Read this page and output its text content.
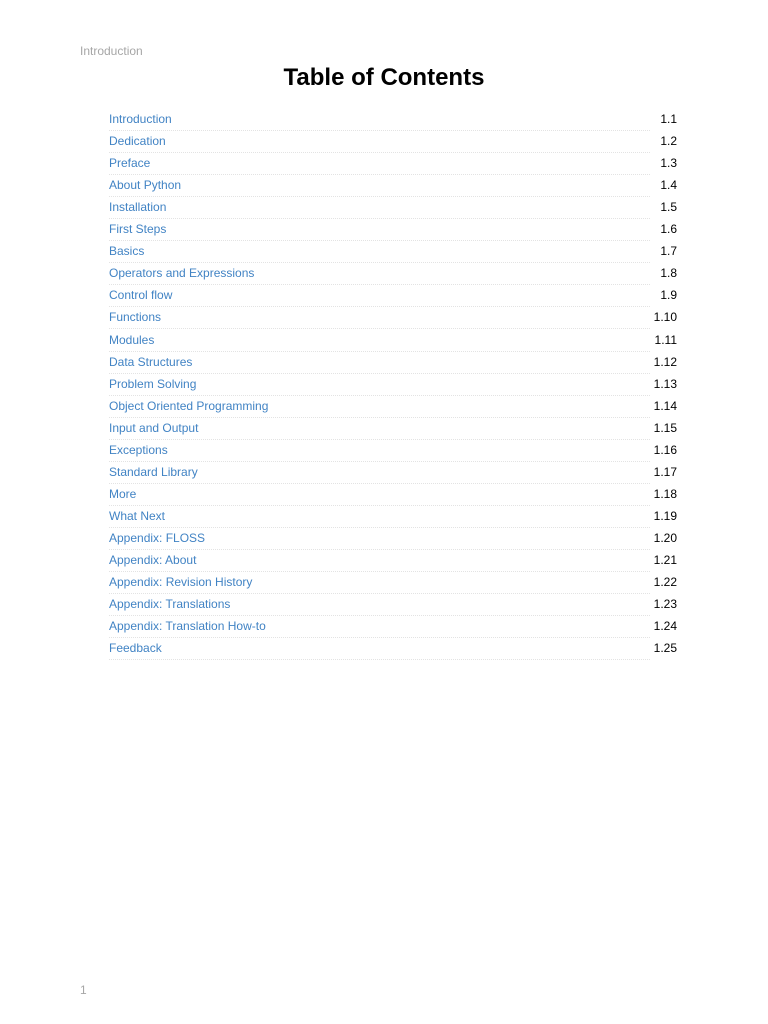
Introduction
Table of Contents
Introduction	1.1
Dedication	1.2
Preface	1.3
About Python	1.4
Installation	1.5
First Steps	1.6
Basics	1.7
Operators and Expressions	1.8
Control flow	1.9
Functions	1.10
Modules	1.11
Data Structures	1.12
Problem Solving	1.13
Object Oriented Programming	1.14
Input and Output	1.15
Exceptions	1.16
Standard Library	1.17
More	1.18
What Next	1.19
Appendix: FLOSS	1.20
Appendix: About	1.21
Appendix: Revision History	1.22
Appendix: Translations	1.23
Appendix: Translation How-to	1.24
Feedback	1.25
1
